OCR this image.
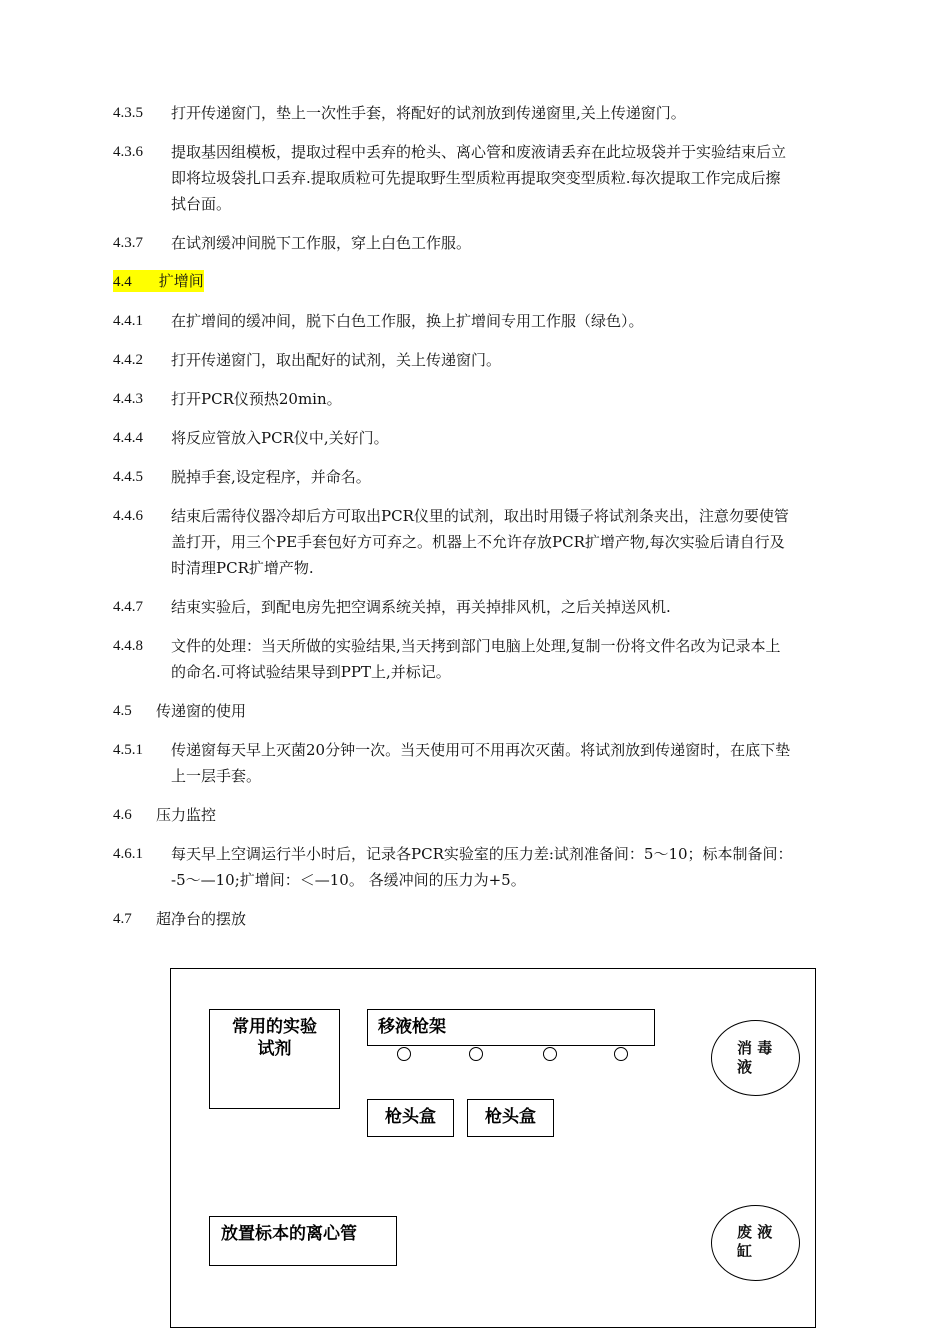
4.3.5 打开传递窗门，垫上一次性手套，将配好的试剂放到传递窗里,关上传递窗门。
4.3.6 提取基因组模板，提取过程中丢弃的枪头、离心管和废液请丢弃在此垃圾袋并于实验结束后立
即将垃圾袋扎口丢弃.提取质粒可先提取野生型质粒再提取突变型质粒.每次提取工作完成后擦
拭台面。
4.3.7 在试剂缓冲间脱下工作服，穿上白色工作服。
4.4 扩增间
4.4.1 在扩增间的缓冲间，脱下白色工作服，换上扩增间专用工作服（绿色）。
4.4.2 打开传递窗门，取出配好的试剂，关上传递窗门。
4.4.3 打开PCR仪预热20min。
4.4.4 将反应管放入PCR仪中,关好门。
4.4.5 脱掉手套,设定程序，并命名。
4.4.6 结束后需待仪器冷却后方可取出PCR仪里的试剂，取出时用镊子将试剂条夹出，注意勿要使管
盖打开，用三个PE手套包好方可弃之。机器上不允许存放PCR扩增产物,每次实验后请自行及
时清理PCR扩增产物.
4.4.7 结束实验后，到配电房先把空调系统关掉，再关掉排风机，之后关掉送风机.
4.4.8 文件的处理：当天所做的实验结果,当天拷到部门电脑上处理,复制一份将文件名改为记录本上
的命名.可将试验结果导到PPT上,并标记。
4.5 传递窗的使用
4.5.1 传递窗每天早上灭菌20分钟一次。当天使用可不用再次灭菌。将试剂放到传递窗时，在底下垫
上一层手套。
4.6 压力监控
4.6.1 每天早上空调运行半小时后，记录各PCR实验室的压力差:试剂准备间：5～10；标本制备间：
-5～—10;扩增间：＜—10。 各缓冲间的压力为+5。
4.7 超净台的摆放
常用的实验
试剂
移液枪架
枪头盒	枪头盒
消 毒
液
废 液
缸
放置标本的离心管
